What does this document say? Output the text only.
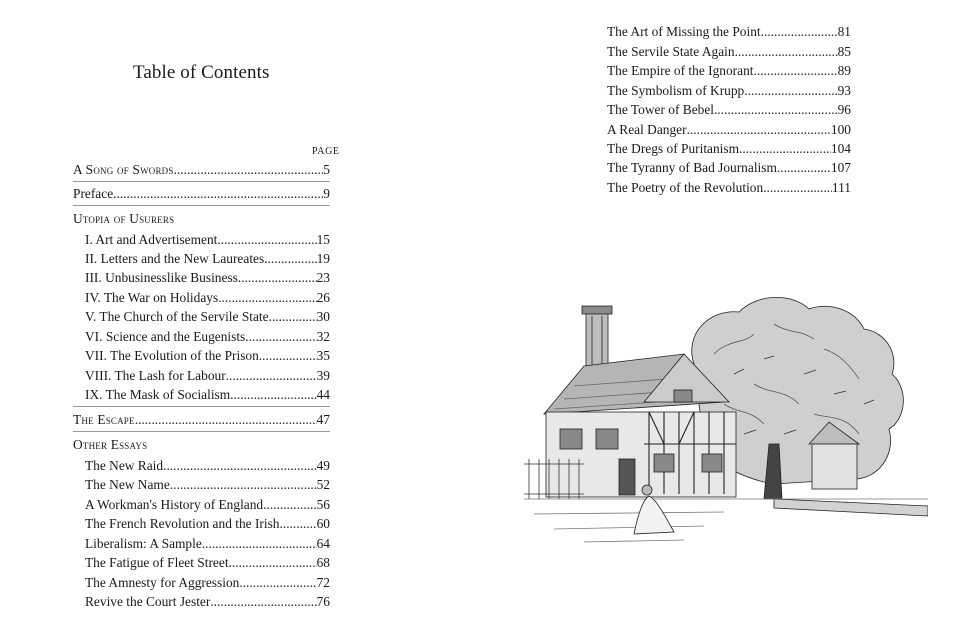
Table of Contents
PAGE
A Song of Swords .....	5
Preface .....	9
Utopia of Usurers
I. Art and Advertisement .....	15
II. Letters and the New Laureates .....	19
III. Unbusinesslike Business .....	23
IV. The War on Holidays .....	26
V. The Church of the Servile State .....	30
VI. Science and the Eugenists .....	32
VII. The Evolution of the Prison .....	35
VIII. The Lash for Labour .....	39
IX. The Mask of Socialism .....	44
The Escape .....	47
Other Essays
The New Raid .....	49
The New Name .....	52
A Workman's History of England .....	56
The French Revolution and the Irish .....	60
Liberalism: A Sample .....	64
The Fatigue of Fleet Street .....	68
The Amnesty for Aggression .....	72
Revive the Court Jester .....	76
The Art of Missing the Point .....	81
The Servile State Again .....	85
The Empire of the Ignorant .....	89
The Symbolism of Krupp .....	93
The Tower of Bebel .....	96
A Real Danger .....	100
The Dregs of Puritanism .....	104
The Tyranny of Bad Journalism .....	107
The Poetry of the Revolution .....	111
